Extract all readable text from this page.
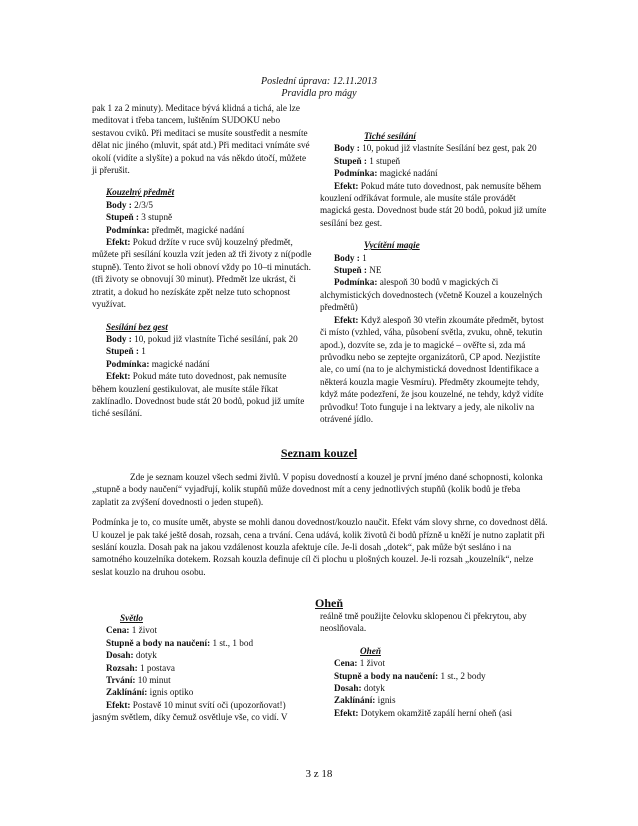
Poslední úprava: 12.11.2013
Pravidla pro mágy

pak 1 za 2 minuty). Meditace bývá klidná a tichá, ale lze meditovat i třeba tancem, luštěním SUDOKU nebo sestavou cviků. Při meditaci se musíte soustředit a nesmíte dělat nic jiného (mluvit, spát atd.) Při meditaci vnímáte své okolí (vidíte a slyšíte) a pokud na vás někdo útočí, můžete ji přerušit.

Kouzelný předmět

Body : 2/3/5

Stupeň : 3 stupně

Podmínka: předmět, magické nadání

Efekt: Pokud držíte v ruce svůj kouzelný předmět, můžete při sesílání kouzla vzít jeden až tři životy z ní(podle stupně). Tento život se holi obnoví vždy po 10–ti minutách. (tři životy se obnovují 30 minut). Předmět lze ukrást, či ztratit, a dokud ho nezískáte zpět nelze tuto schopnost využívat.

Sesílání bez gest

Body : 10, pokud již vlastníte Tiché sesílání, pak 20

Stupeň : 1

Podmínka: magické nadání

Efekt: Pokud máte tuto dovednost, pak nemusíte během kouzlení gestikulovat, ale musíte stále říkat zaklínadlo. Dovednost bude stát 20 bodů, pokud již umíte tiché sesílání.

Tiché sesílání

Body : 10, pokud již vlastníte Sesílání bez gest, pak 20

Stupeň : 1 stupeň

Podmínka: magické nadání

Efekt: Pokud máte tuto dovednost, pak nemusíte během kouzlení odříkávat formule, ale musíte stále provádět magická gesta. Dovednost bude stát 20 bodů, pokud již umíte sesílání bez gest.

Vycítění magie

Body : 1

Stupeň : NE

Podmínka: alespoň 30 bodů v magických či alchymistických dovednostech (včetně Kouzel a kouzelných předmětů)

Efekt: Když alespoň 30 vteřin zkoumáte předmět, bytost či místo (vzhled, váha, působení světla, zvuku, ohně, tekutin apod.), dozvíte se, zda je to magické – ověřte si, zda má průvodku nebo se zeptejte organizátorů, CP apod. Nezjistíte ale, co umí (na to je alchymistická dovednost Identifikace a některá kouzla magie Vesmíru). Předměty zkoumejte tehdy, když máte podezření, že jsou kouzelné, ne tehdy, když vidíte průvodku! Toto funguje i na lektvary a jedy, ale nikoliv na otrávené jídlo.

Seznam kouzel

Zde je seznam kouzel všech sedmi živlů. V popisu dovedností a kouzel je první jméno dané schopnosti, kolonka „stupně a body naučení“ vyjadřují, kolik stupňů může dovednost mít a ceny jednotlivých stupňů (kolik bodů je třeba zaplatit za zvýšení dovednosti o jeden stupeň).

Podmínka je to, co musíte umět, abyste se mohli danou dovednost/kouzlo naučit. Efekt vám slovy shrne, co dovednost dělá. U kouzel je pak také ještě dosah, rozsah, cena a trvání. Cena udává, kolik životů či bodů přízně u kněží je nutno zaplatit při seslání kouzla. Dosah pak na jakou vzdálenost kouzla afektuje cíle. Je-li dosah „dotek“, pak může být sesláno i na samotného kouzelníka dotekem. Rozsah kouzla definuje cíl či plochu u plošných kouzel. Je-li rozsah „kouzelník“, nelze seslat kouzlo na druhou osobu.

Oheň

Světlo

Cena: 1 život

Stupně a body na naučení: 1 st., 1 bod

Dosah: dotyk

Rozsah: 1 postava

Trvání: 10 minut

Zaklínání: ignis optiko

Efekt: Postavě 10 minut svítí oči (upozorňovat!) jasným světlem, díky čemuž osvětluje vše, co vidí. V

reálně tmě použijte čelovku sklopenou či překrytou, aby neoslňovala.

Oheň

Cena: 1 život

Stupně a body na naučení: 1 st., 2 body

Dosah: dotyk

Zaklínání: ignis

Efekt: Dotykem okamžitě zapálí herní oheň (asi

3 z 18
